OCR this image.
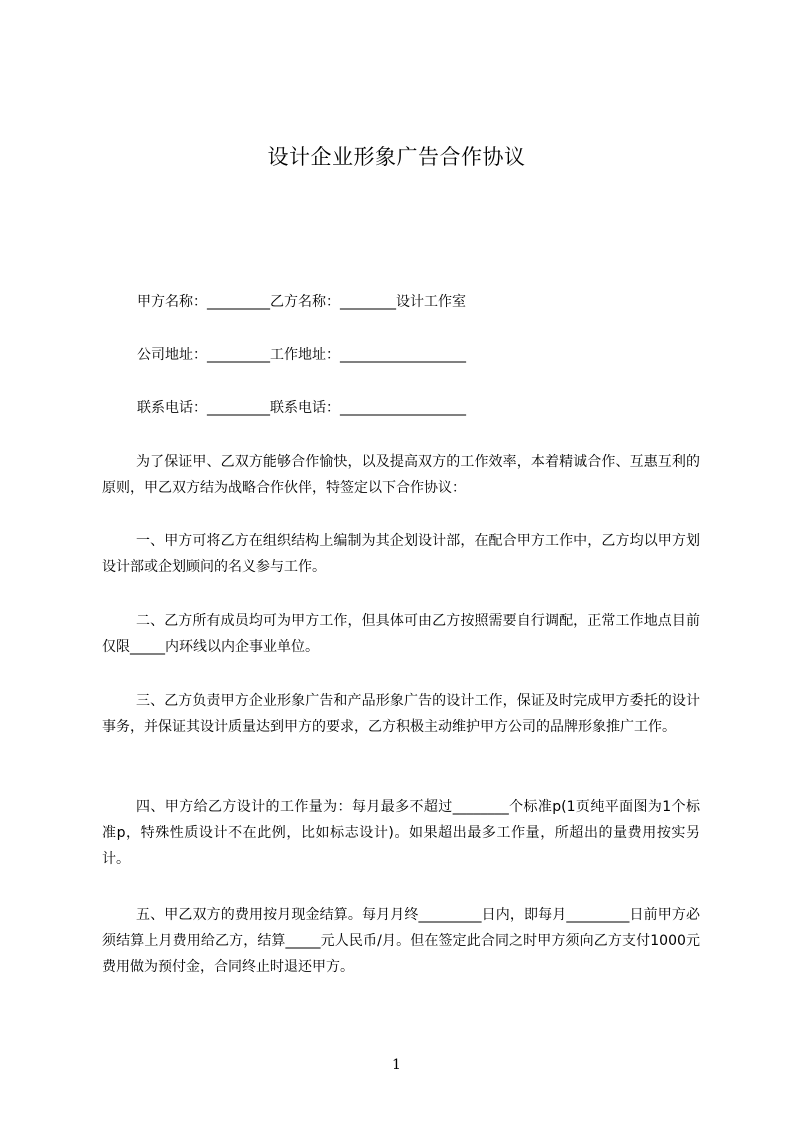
设计企业形象广告合作协议
甲方名称：_________乙方名称：________设计工作室
公司地址：_________工作地址：__________________
联系电话：_________联系电话：__________________
为了保证甲、乙双方能够合作愉快，以及提高双方的工作效率，本着精诚合作、互惠互利的原则，甲乙双方结为战略合作伙伴，特签定以下合作协议：
一、甲方可将乙方在组织结构上编制为其企划设计部，在配合甲方工作中，乙方均以甲方划设计部或企划顾问的名义参与工作。
二、乙方所有成员均可为甲方工作，但具体可由乙方按照需要自行调配，正常工作地点目前仅限_____内环线以内企事业单位。
三、乙方负责甲方企业形象广告和产品形象广告的设计工作，保证及时完成甲方委托的设计事务，并保证其设计质量达到甲方的要求，乙方积极主动维护甲方公司的品牌形象推广工作。
四、甲方给乙方设计的工作量为：每月最多不超过________个标准p(1页纯平面图为1个标准p，特殊性质设计不在此例，比如标志设计)。如果超出最多工作量，所超出的量费用按实另计。
五、甲乙双方的费用按月现金结算。每月月终_________日内，即每月_________日前甲方必须结算上月费用给乙方，结算_____元人民币/月。但在签定此合同之时甲方须向乙方支付1000元费用做为预付金，合同终止时退还甲方。
1
